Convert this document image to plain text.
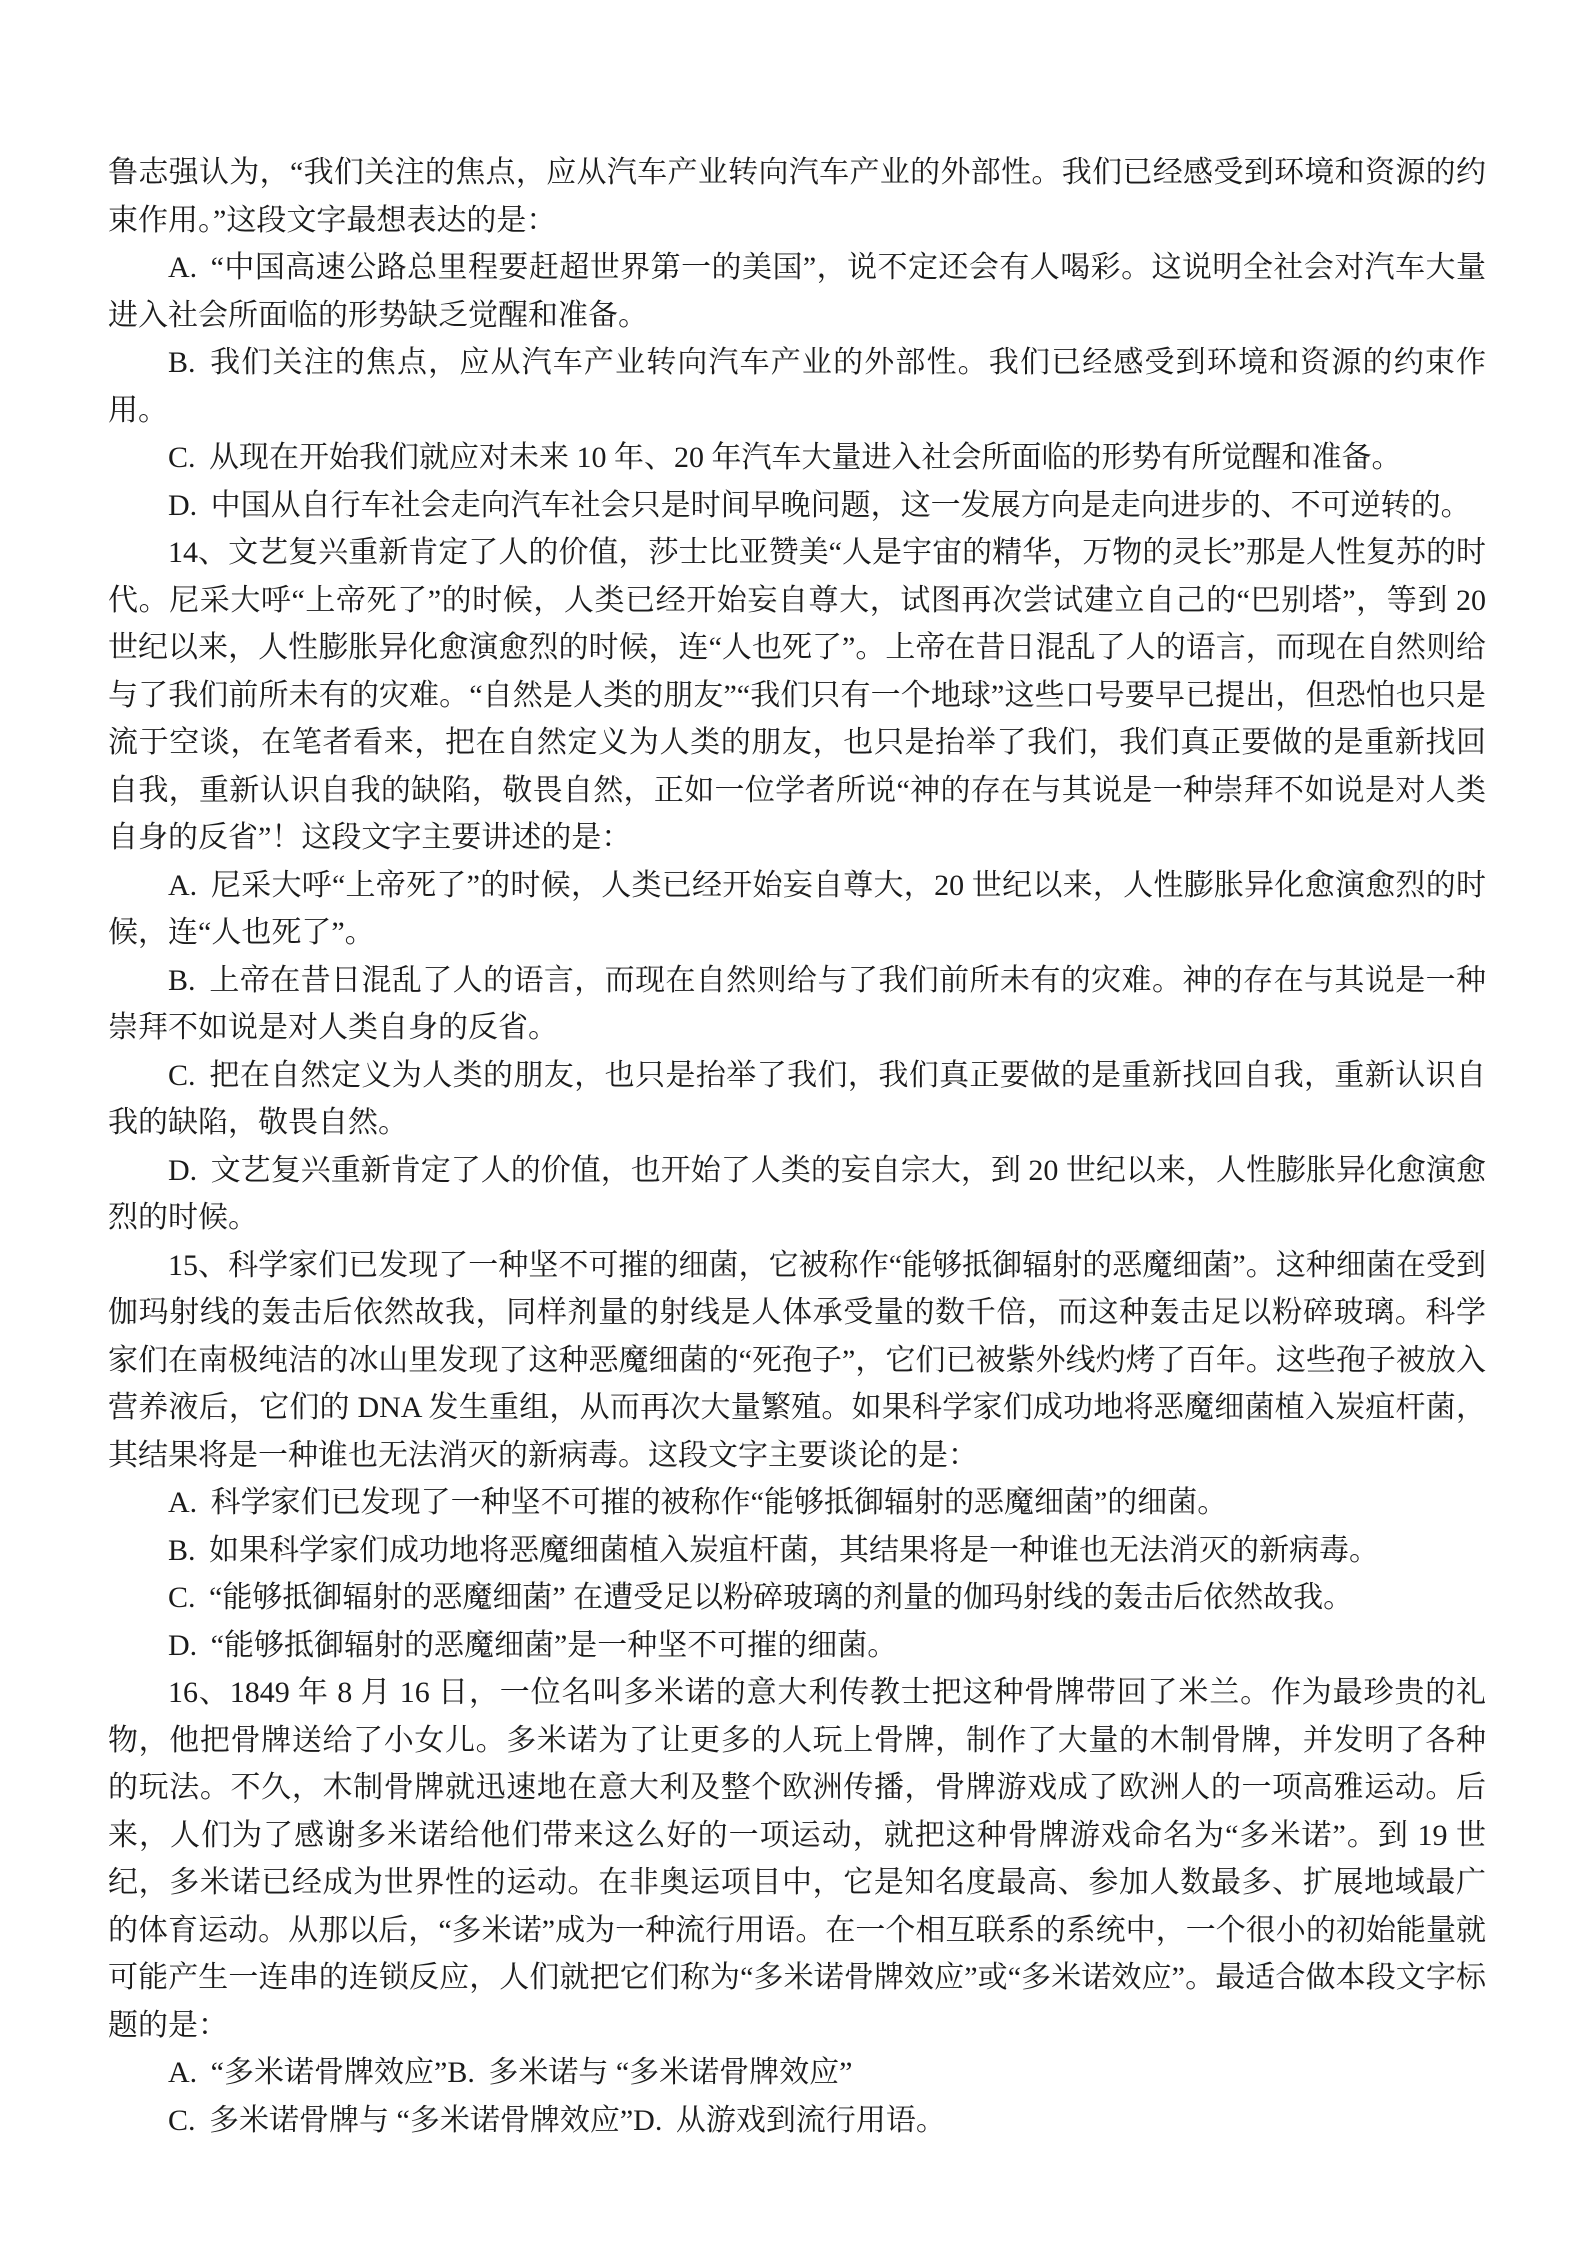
鲁志强认为，“我们关注的焦点，应从汽车产业转向汽车产业的外部性。我们已经感受到环境和资源的约束作用。”这段文字最想表达的是：

A. “中国高速公路总里程要赶超世界第一的美国”，说不定还会有人喝彩。这说明全社会对汽车大量进入社会所面临的形势缺乏觉醒和准备。

B. 我们关注的焦点，应从汽车产业转向汽车产业的外部性。我们已经感受到环境和资源的约束作用。

C. 从现在开始我们就应对未来 10 年、20 年汽车大量进入社会所面临的形势有所觉醒和准备。

D. 中国从自行车社会走向汽车社会只是时间早晚问题，这一发展方向是走向进步的、不可逆转的。

14、文艺复兴重新肯定了人的价值，莎士比亚赞美“人是宇宙的精华，万物的灵长”那是人性复苏的时代。尼采大呼“上帝死了”的时候，人类已经开始妄自尊大，试图再次尝试建立自己的“巴别塔”，等到 20 世纪以来，人性膨胀异化愈演愈烈的时候，连“人也死了”。上帝在昔日混乱了人的语言，而现在自然则给与了我们前所未有的灾难。“自然是人类的朋友”“我们只有一个地球”这些口号要早已提出，但恐怕也只是流于空谈，在笔者看来，把在自然定义为人类的朋友，也只是抬举了我们，我们真正要做的是重新找回自我，重新认识自我的缺陷，敬畏自然，正如一位学者所说“神的存在与其说是一种崇拜不如说是对人类自身的反省”！这段文字主要讲述的是：

A. 尼采大呼“上帝死了”的时候，人类已经开始妄自尊大，20 世纪以来，人性膨胀异化愈演愈烈的时候，连“人也死了”。

B. 上帝在昔日混乱了人的语言，而现在自然则给与了我们前所未有的灾难。神的存在与其说是一种崇拜不如说是对人类自身的反省。

C. 把在自然定义为人类的朋友，也只是抬举了我们，我们真正要做的是重新找回自我，重新认识自我的缺陷，敬畏自然。

D. 文艺复兴重新肯定了人的价值，也开始了人类的妄自宗大，到 20 世纪以来，人性膨胀异化愈演愈烈的时候。

15、科学家们已发现了一种坚不可摧的细菌，它被称作“能够抵御辐射的恶魔细菌”。这种细菌在受到伽玛射线的轰击后依然故我，同样剂量的射线是人体承受量的数千倍，而这种轰击足以粉碎玻璃。科学家们在南极纯洁的冰山里发现了这种恶魔细菌的“死孢子”，它们已被紫外线灼烤了百年。这些孢子被放入营养液后，它们的 DNA 发生重组，从而再次大量繁殖。如果科学家们成功地将恶魔细菌植入炭疽杆菌，其结果将是一种谁也无法消灭的新病毒。这段文字主要谈论的是：

A. 科学家们已发现了一种坚不可摧的被称作“能够抵御辐射的恶魔细菌”的细菌。

B. 如果科学家们成功地将恶魔细菌植入炭疽杆菌，其结果将是一种谁也无法消灭的新病毒。

C. “能够抵御辐射的恶魔细菌” 在遭受足以粉碎玻璃的剂量的伽玛射线的轰击后依然故我。

D. “能够抵御辐射的恶魔细菌”是一种坚不可摧的细菌。

16、1849 年 8 月 16 日，一位名叫多米诺的意大利传教士把这种骨牌带回了米兰。作为最珍贵的礼物，他把骨牌送给了小女儿。多米诺为了让更多的人玩上骨牌，制作了大量的木制骨牌，并发明了各种的玩法。不久，木制骨牌就迅速地在意大利及整个欧洲传播，骨牌游戏成了欧洲人的一项高雅运动。后来，人们为了感谢多米诺给他们带来这么好的一项运动，就把这种骨牌游戏命名为“多米诺”。到 19 世纪，多米诺已经成为世界性的运动。在非奥运项目中，它是知名度最高、参加人数最多、扩展地域最广的体育运动。从那以后，“多米诺”成为一种流行用语。在一个相互联系的系统中，一个很小的初始能量就可能产生一连串的连锁反应，人们就把它们称为“多米诺骨牌效应”或“多米诺效应”。最适合做本段文字标题的是：

A. “多米诺骨牌效应”B. 多米诺与 “多米诺骨牌效应”

C. 多米诺骨牌与 “多米诺骨牌效应”D. 从游戏到流行用语。
